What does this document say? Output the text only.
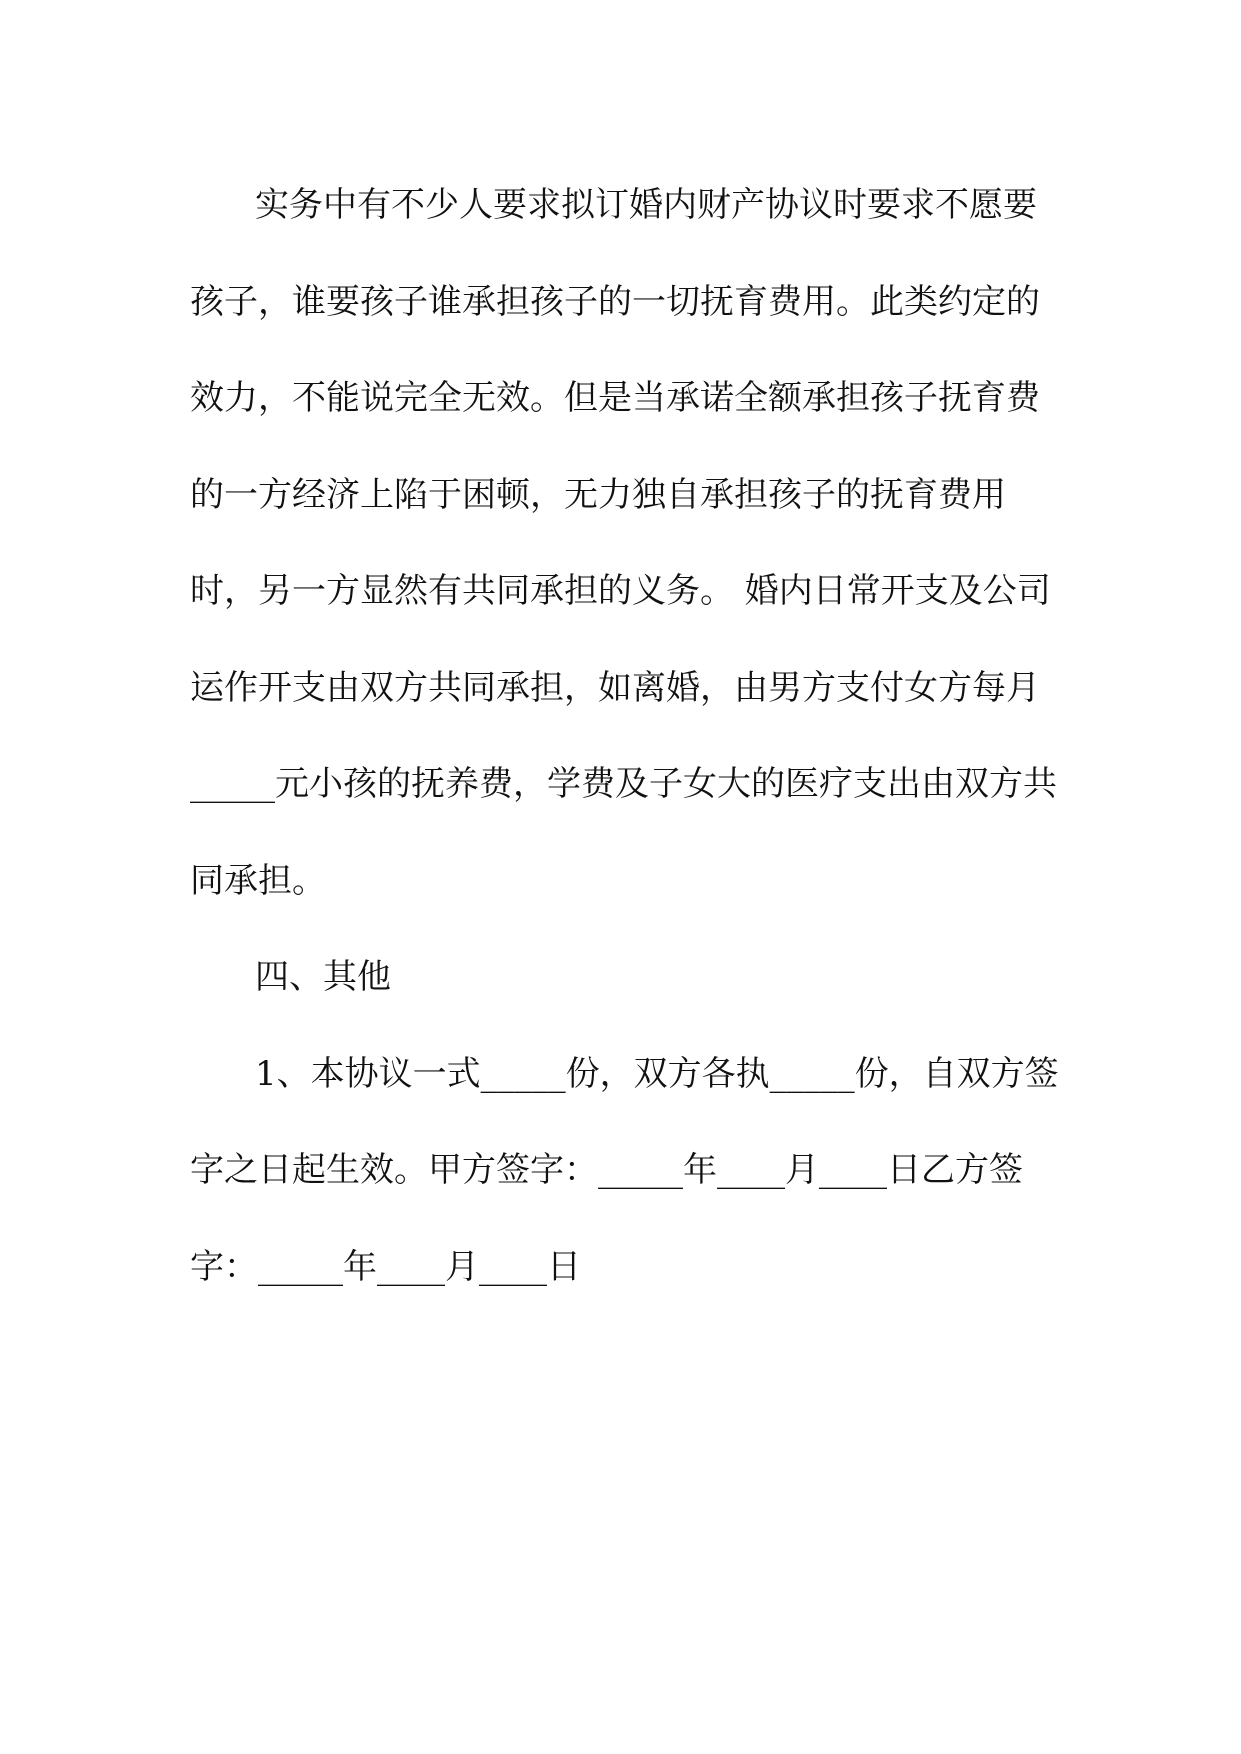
实务中有不少人要求拟订婚内财产协议时要求不愿要

孩子，谁要孩子谁承担孩子的一切抚育费用。此类约定的

效力，不能说完全无效。但是当承诺全额承担孩子抚育费

的一方经济上陷于困顿，无力独自承担孩子的抚育费用

时，另一方显然有共同承担的义务。 婚内日常开支及公司

运作开支由双方共同承担，如离婚，由男方支付女方每月

_____元小孩的抚养费，学费及子女大的医疗支出由双方共

同承担。

四、其他

1、本协议一式_____份，双方各执_____份，自双方签

字之日起生效。甲方签字：_____年____月____日乙方签

字：_____年____月____日
